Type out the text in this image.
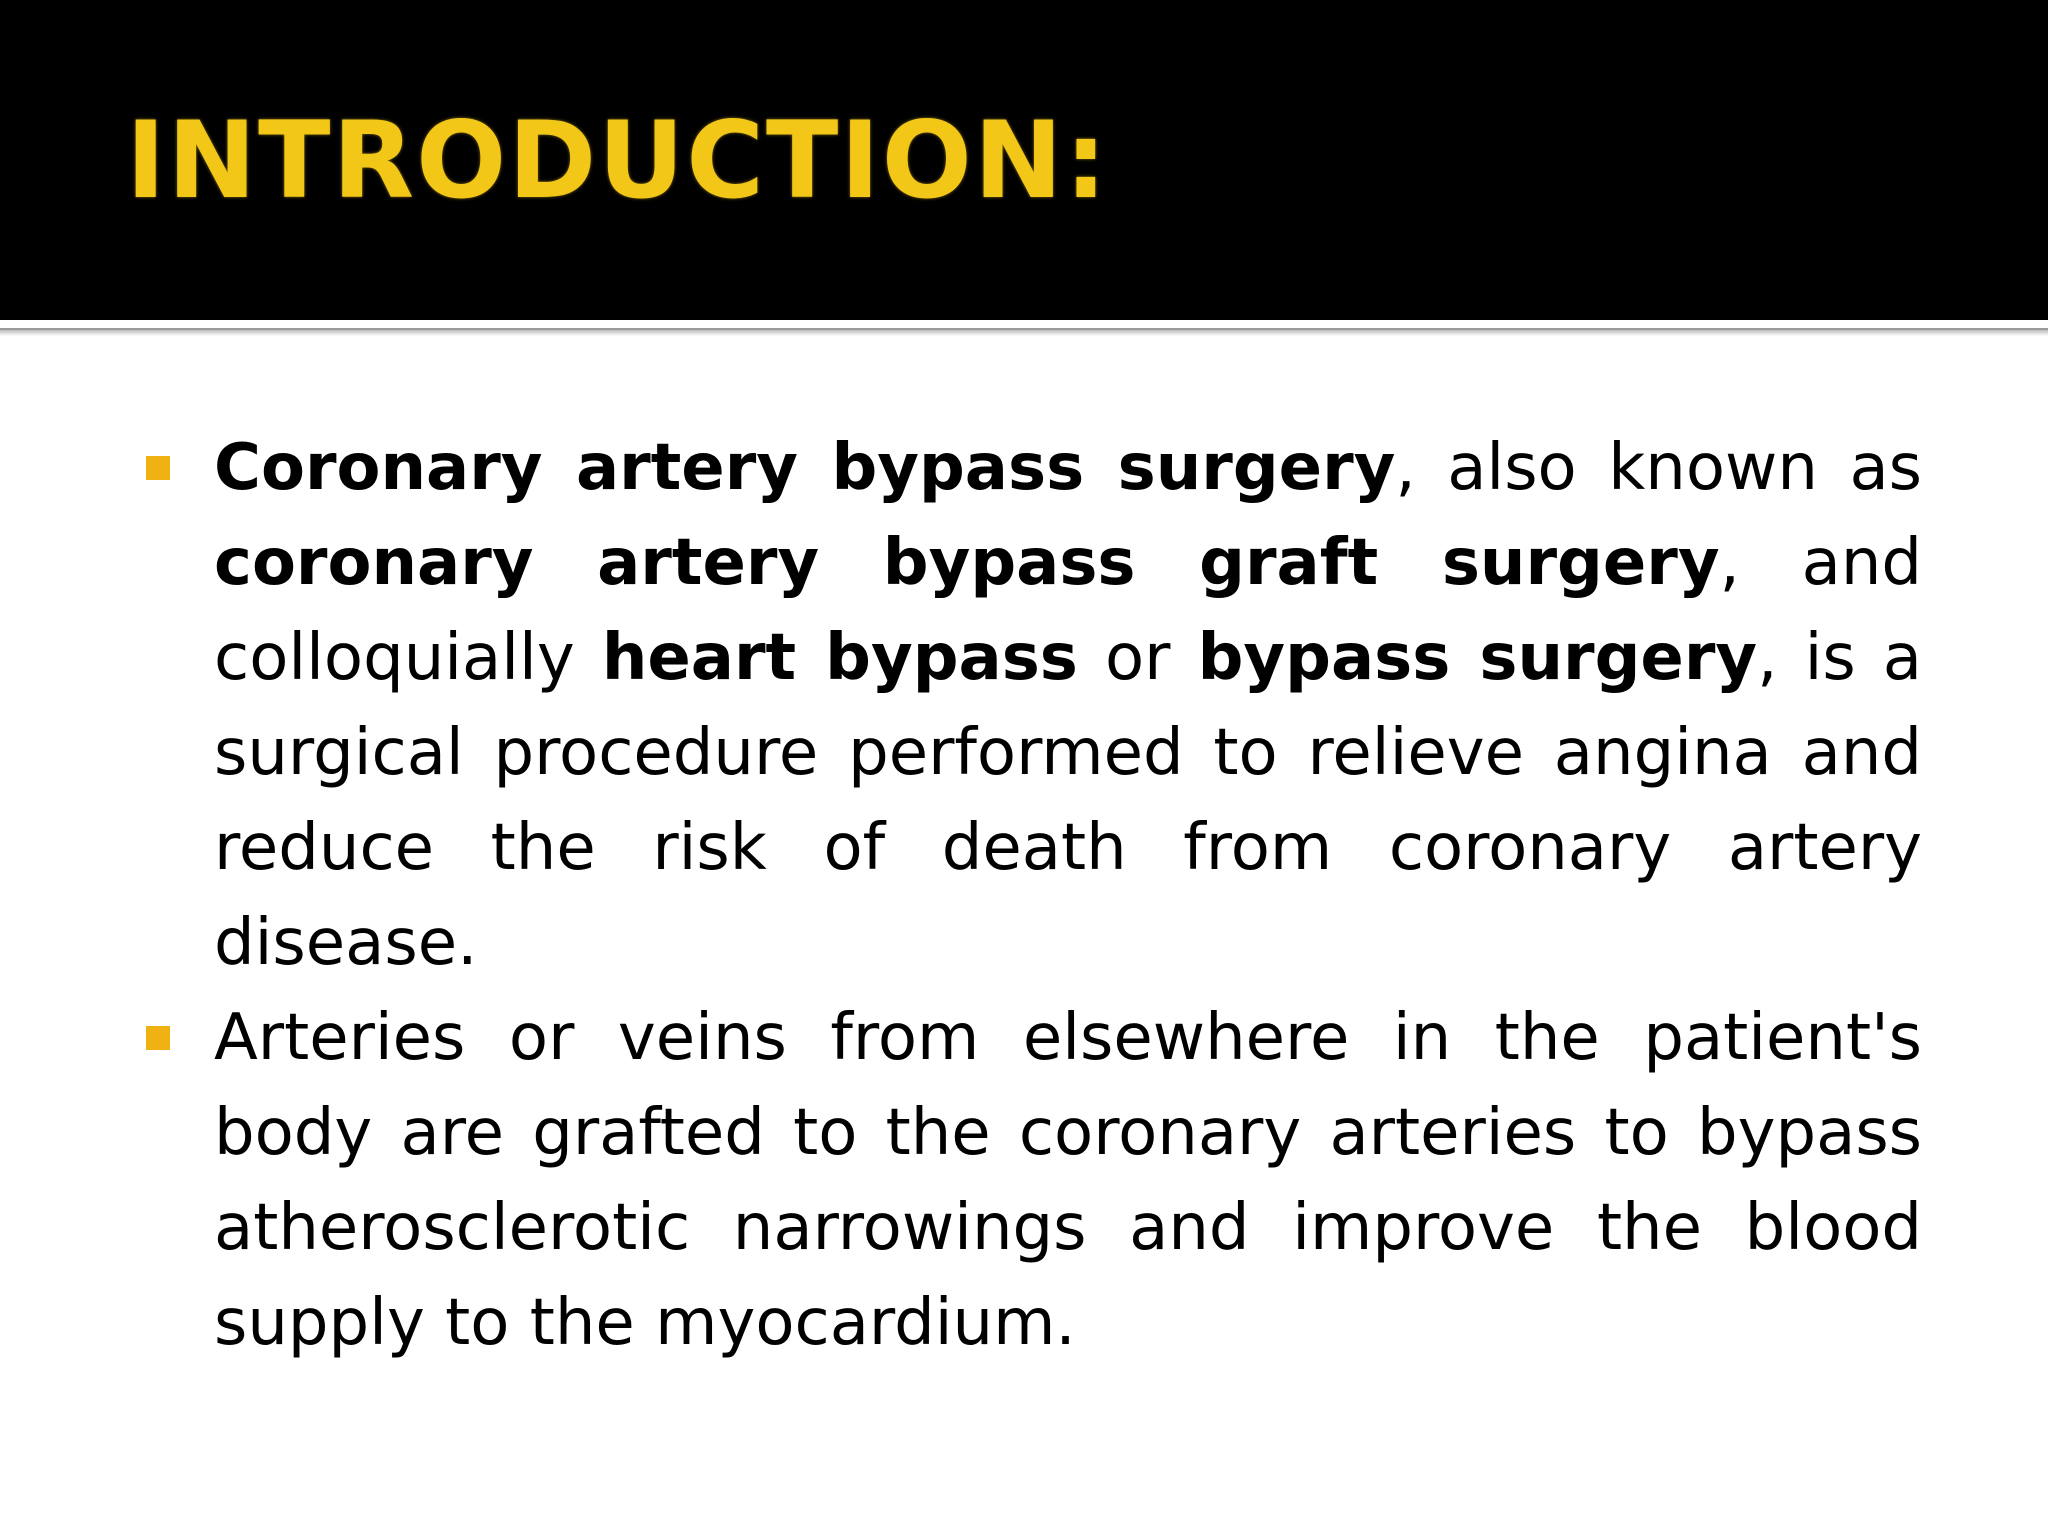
INTRODUCTION:
Coronary artery bypass surgery, also known as coronary artery bypass graft surgery, and colloquially heart bypass or bypass surgery, is a surgical procedure performed to relieve angina and reduce the risk of death from coronary artery disease.
Arteries or veins from elsewhere in the patient's body are grafted to the coronary arteries to bypass atherosclerotic narrowings and improve the blood supply to the myocardium.
